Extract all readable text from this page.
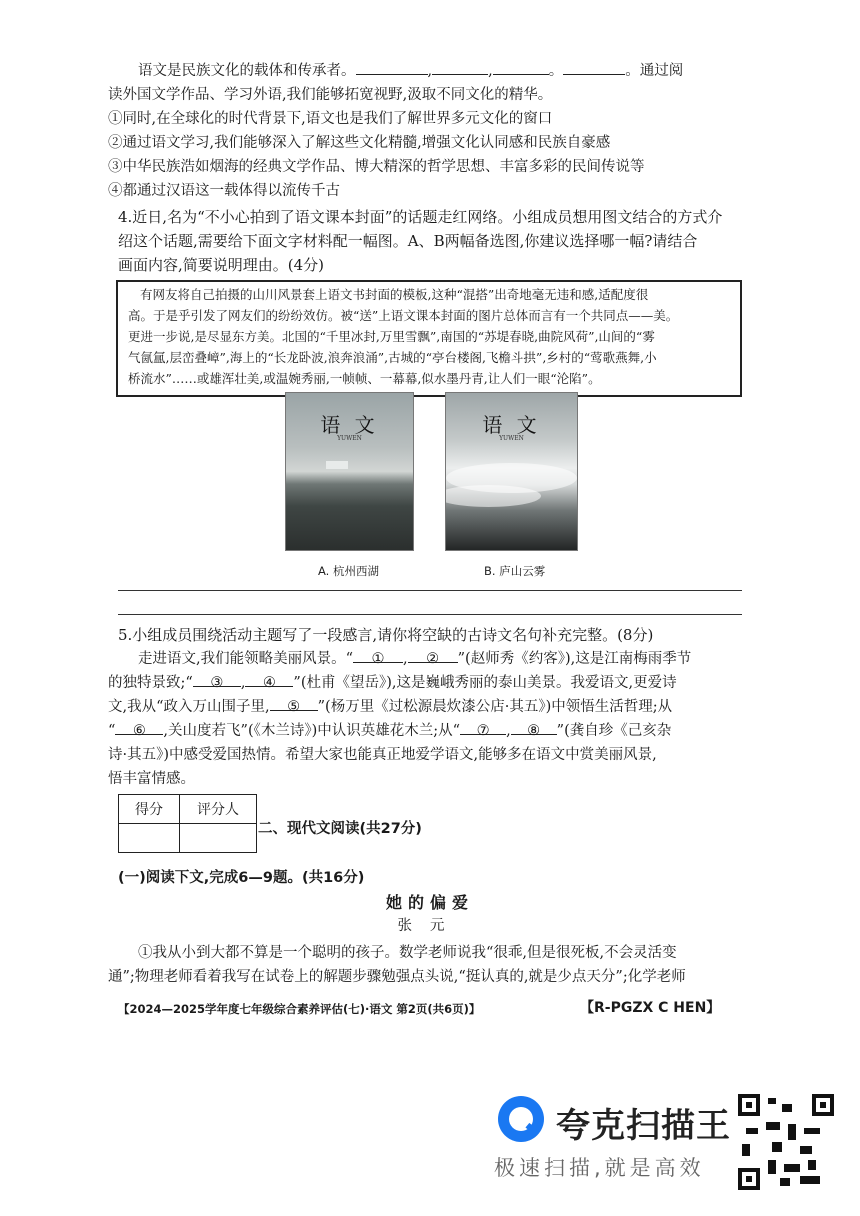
语文是民族文化的载体和传承者。	,	,	。	。通过阅
读外国文学作品、学习外语,我们能够拓宽视野,汲取不同文化的精华。
①同时,在全球化的时代背景下,语文也是我们了解世界多元文化的窗口
②通过语文学习,我们能够深入了解这些文化精髓,增强文化认同感和民族自豪感
③中华民族浩如烟海的经典文学作品、博大精深的哲学思想、丰富多彩的民间传说等
④都通过汉语这一载体得以流传千古
4.近日,名为“不小心拍到了语文课本封面”的话题走红网络。小组成员想用图文结合的方式介
绍这个话题,需要给下面文字材料配一幅图。A、B两幅备选图,你建议选择哪一幅?请结合
画面内容,简要说明理由。(4分)
有网友将自己拍摄的山川风景套上语文书封面的模板,这种“混搭”出奇地毫无违和感,适配度很
高。于是乎引发了网友们的纷纷效仿。被“送”上语文课本封面的图片总体而言有一个共同点——美。
更进一步说,是尽显东方美。北国的“千里冰封,万里雪飘”,南国的“苏堤春晓,曲院风荷”,山间的“雾
气氤氲,层峦叠嶂”,海上的“长龙卧波,浪奔浪涌”,古城的“亭台楼阁,飞檐斗拱”,乡村的“莺歌燕舞,小
桥流水”……或雄浑壮美,或温婉秀丽,一帧帧、一幕幕,似水墨丹青,让人们一眼“沦陷”。
语 文
YUWEN
语 文
YUWEN
A. 杭州西湖	B. 庐山云雾
5.小组成员围绕活动主题写了一段感言,请你将空缺的古诗文名句补充完整。(8分)
走进语文,我们能领略美丽风景。“ ① , ② ”(赵师秀《约客》),这是江南梅雨季节
的独特景致;“ ③ , ④ ”(杜甫《望岳》),这是巍峨秀丽的泰山美景。我爱语文,更爱诗
文,我从“政入万山围子里, ⑤ ”(杨万里《过松源晨炊漆公店·其五》)中领悟生活哲理;从
“ ⑥ ,关山度若飞”(《木兰诗》)中认识英雄花木兰;从“ ⑦ , ⑧ ”(龚自珍《己亥杂
诗·其五》)中感受爱国热情。希望大家也能真正地爱学语文,能够多在语文中赏美丽风景,
悟丰富情感。
得分	评分人

二、现代文阅读(共27分)
(一)阅读下文,完成6—9题。(共16分)
她的偏爱
张元
①我从小到大都不算是一个聪明的孩子。数学老师说我“很乖,但是很死板,不会灵活变
通”;物理老师看着我写在试卷上的解题步骤勉强点头说,“挺认真的,就是少点天分”;化学老师
【2024—2025学年度七年级综合素养评估(七)·语文 第2页(共6页)】	【R-PGZX C HEN】
夸克扫描王
极速扫描,就是高效
